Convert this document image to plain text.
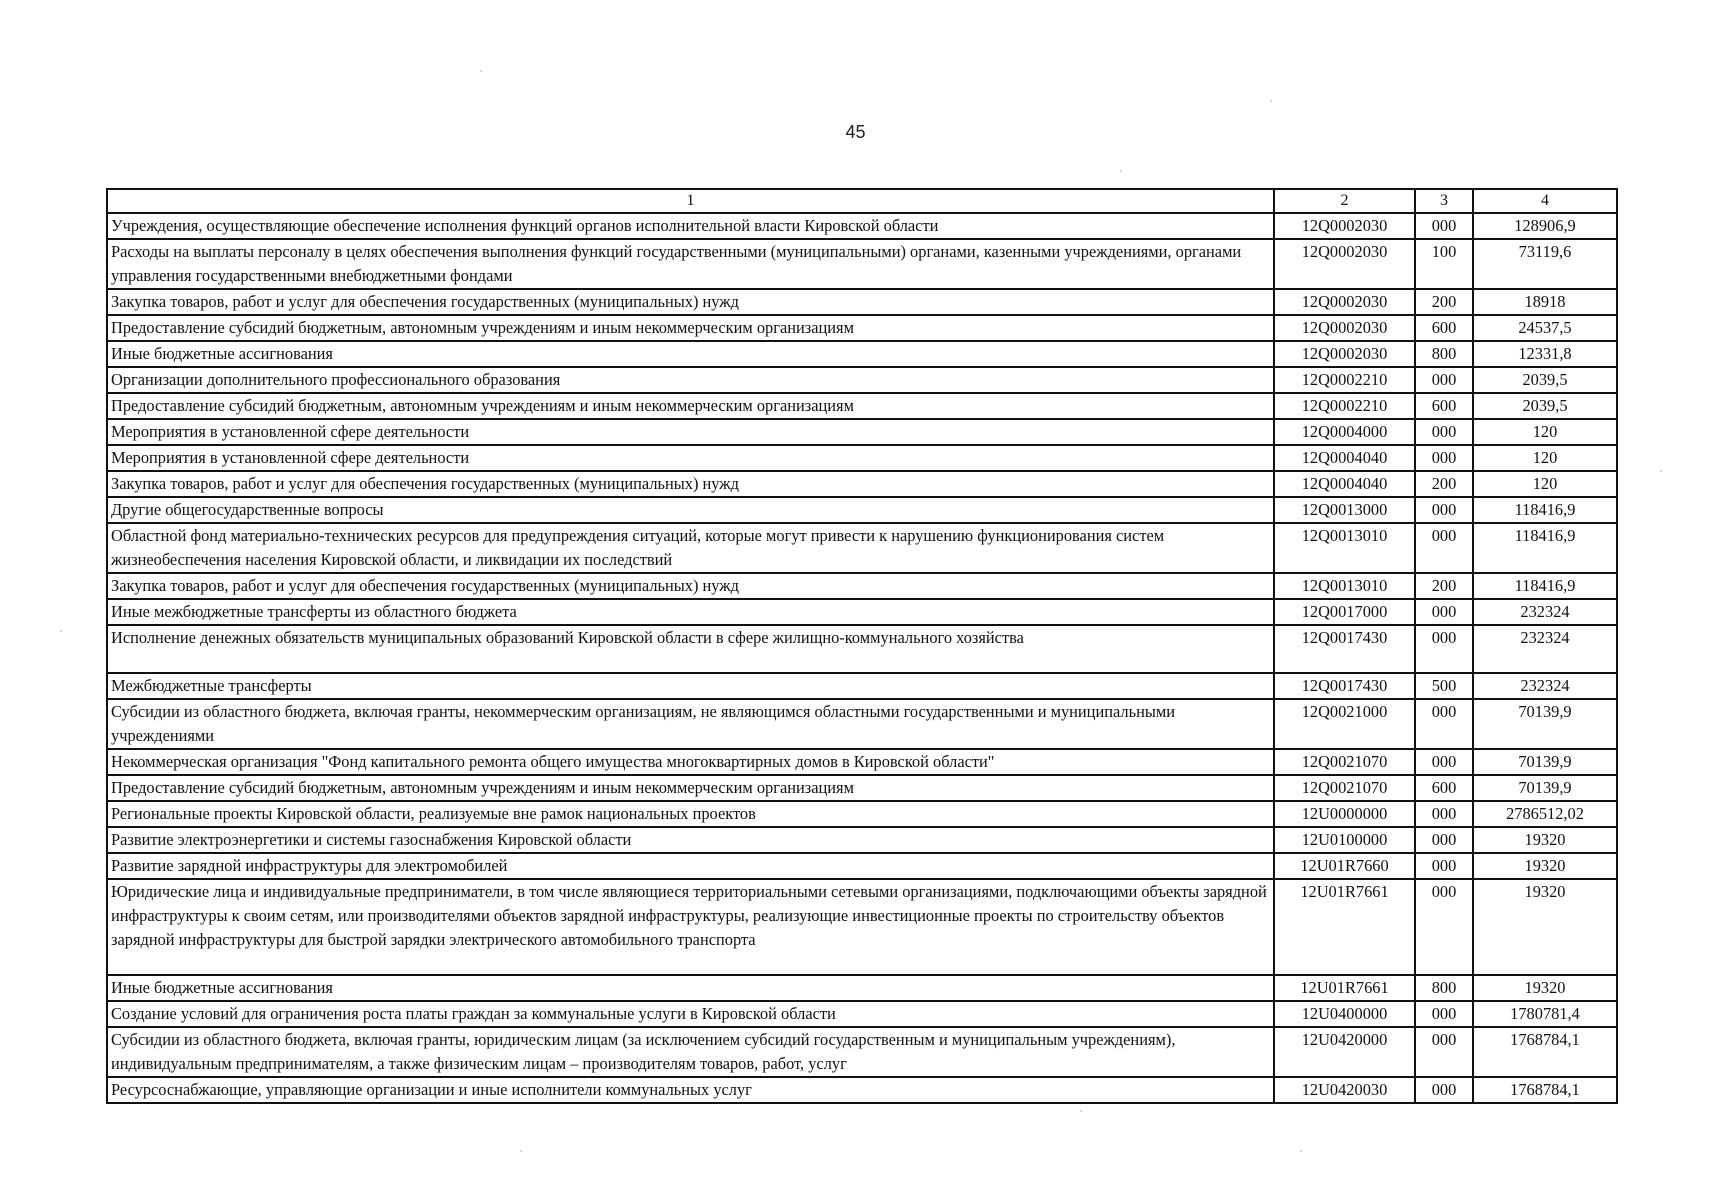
45
1	2	3	4
Учреждения, осуществляющие обеспечение исполнения функций органов исполнительной власти Кировской области	12Q0002030	000	128906,9
Расходы на выплаты персоналу в целях обеспечения выполнения функций государственными (муниципальными) органами, казенными учреждениями, органами управления государственными внебюджетными фондами	12Q0002030	100	73119,6
Закупка товаров, работ и услуг для обеспечения государственных (муниципальных) нужд	12Q0002030	200	18918
Предоставление субсидий бюджетным, автономным учреждениям и иным некоммерческим организациям	12Q0002030	600	24537,5
Иные бюджетные ассигнования	12Q0002030	800	12331,8
Организации дополнительного профессионального образования	12Q0002210	000	2039,5
Предоставление субсидий бюджетным, автономным учреждениям и иным некоммерческим организациям	12Q0002210	600	2039,5
Мероприятия в установленной сфере деятельности	12Q0004000	000	120
Мероприятия в установленной сфере деятельности	12Q0004040	000	120
Закупка товаров, работ и услуг для обеспечения государственных (муниципальных) нужд	12Q0004040	200	120
Другие общегосударственные вопросы	12Q0013000	000	118416,9
Областной фонд материально-технических ресурсов для предупреждения ситуаций, которые могут привести к нарушению функционирования систем жизнеобеспечения населения Кировской области, и ликвидации их последствий	12Q0013010	000	118416,9
Закупка товаров, работ и услуг для обеспечения государственных (муниципальных) нужд	12Q0013010	200	118416,9
Иные межбюджетные трансферты из областного бюджета	12Q0017000	000	232324
Исполнение денежных обязательств муниципальных образований Кировской области в сфере жилищно-коммунального хозяйства	12Q0017430	000	232324
Межбюджетные трансферты	12Q0017430	500	232324
Субсидии из областного бюджета, включая гранты, некоммерческим организациям, не являющимся областными государственными и муниципальными учреждениями	12Q0021000	000	70139,9
Некоммерческая организация "Фонд капитального ремонта общего имущества многоквартирных домов в Кировской области"	12Q0021070	000	70139,9
Предоставление субсидий бюджетным, автономным учреждениям и иным некоммерческим организациям	12Q0021070	600	70139,9
Региональные проекты Кировской области, реализуемые вне рамок национальных проектов	12U0000000	000	2786512,02
Развитие электроэнергетики и системы газоснабжения Кировской области	12U0100000	000	19320
Развитие зарядной инфраструктуры для электромобилей	12U01R7660	000	19320
Юридические лица и индивидуальные предприниматели, в том числе являющиеся территориальными сетевыми организациями, подключающими объекты зарядной инфраструктуры к своим сетям, или производителями объектов зарядной инфраструктуры, реализующие инвестиционные проекты по строительству объектов зарядной инфраструктуры для быстрой зарядки электрического автомобильного транспорта	12U01R7661	000	19320
Иные бюджетные ассигнования	12U01R7661	800	19320
Создание условий для ограничения роста платы граждан за коммунальные услуги в Кировской области	12U0400000	000	1780781,4
Субсидии из областного бюджета, включая гранты, юридическим лицам (за исключением субсидий государственным и муниципальным учреждениям), индивидуальным предпринимателям, а также физическим лицам – производителям товаров, работ, услуг	12U0420000	000	1768784,1
Ресурсоснабжающие, управляющие организации и иные исполнители коммунальных услуг	12U0420030	000	1768784,1
